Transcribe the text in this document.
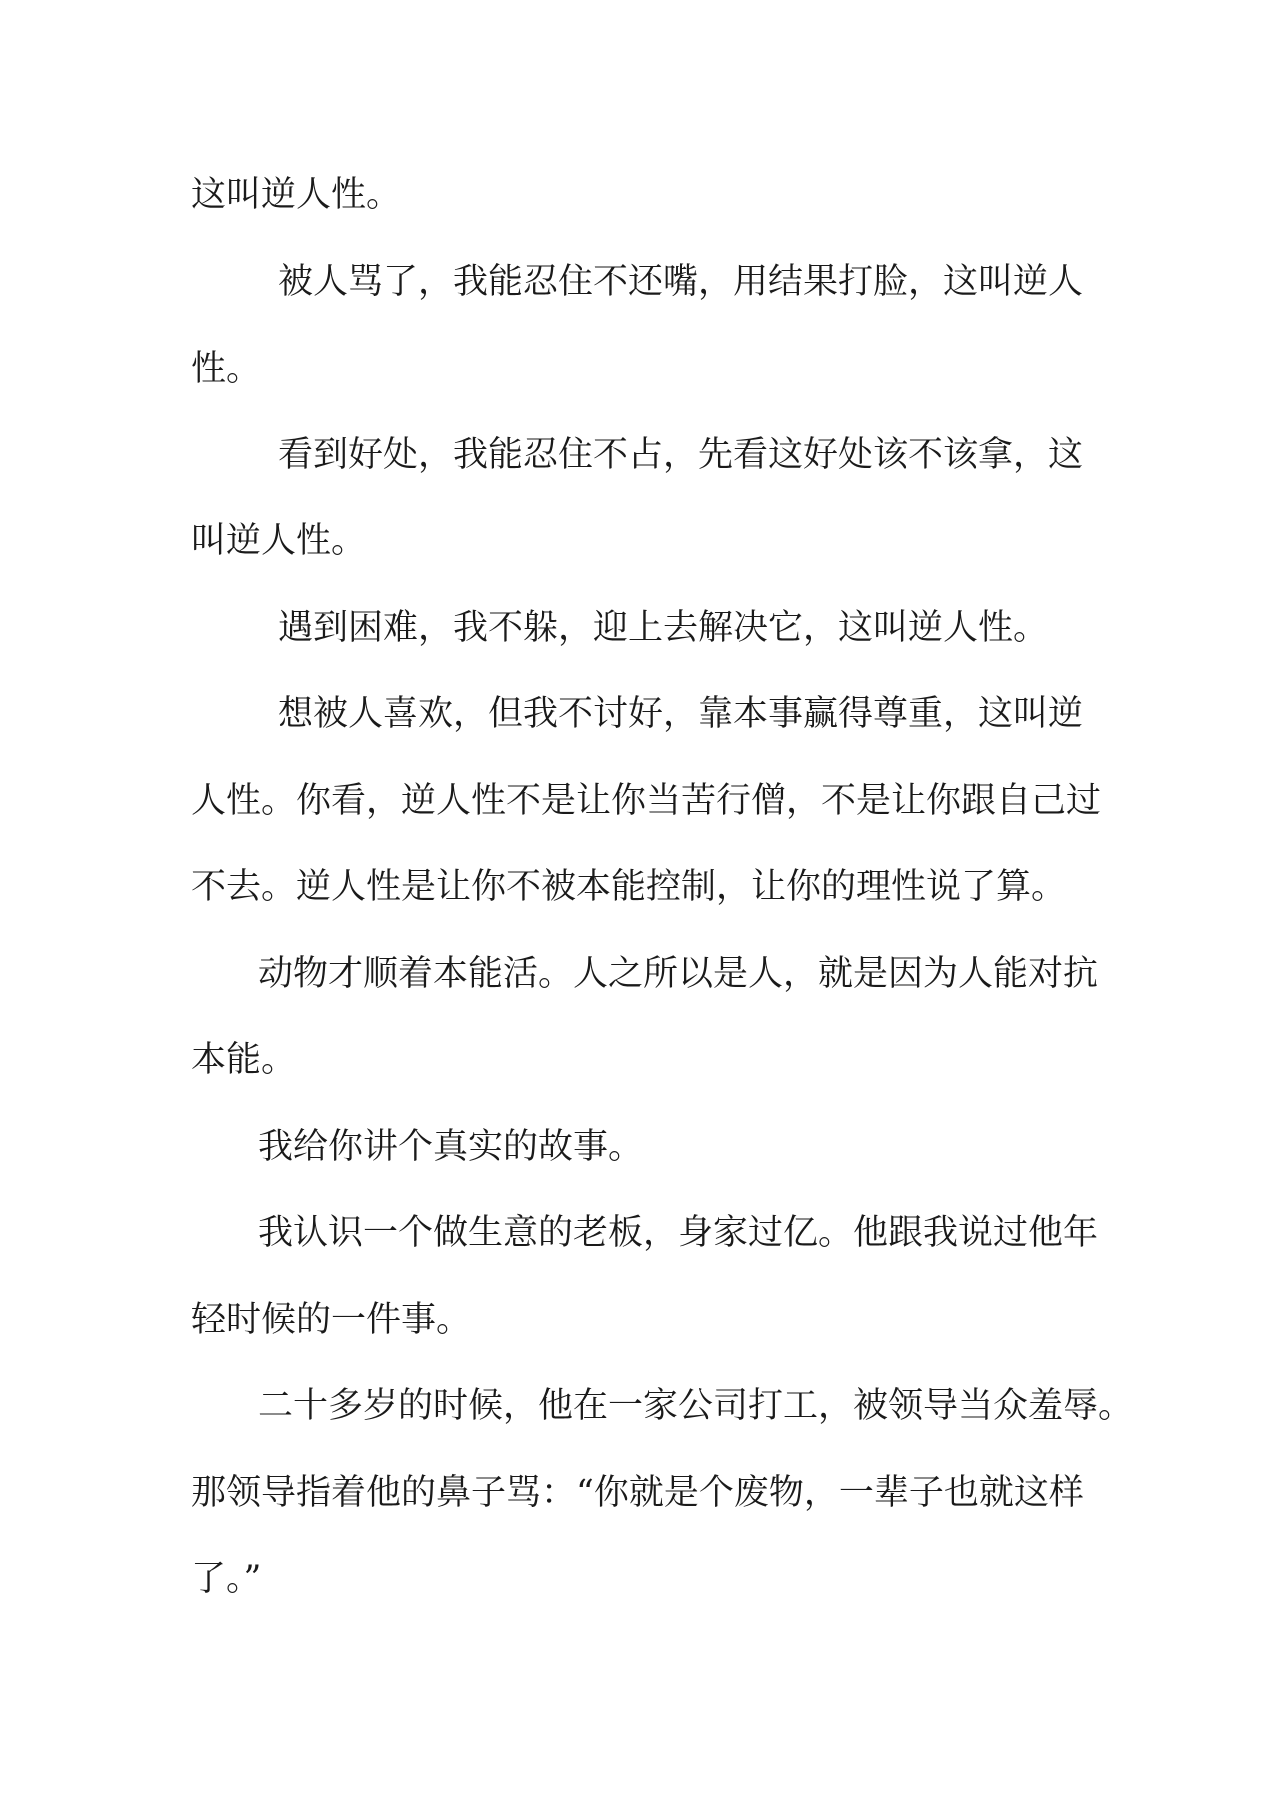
这叫逆人性。
被人骂了，我能忍住不还嘴，用结果打脸，这叫逆人
性。
看到好处，我能忍住不占，先看这好处该不该拿，这
叫逆人性。
遇到困难，我不躲，迎上去解决它，这叫逆人性。
想被人喜欢，但我不讨好，靠本事赢得尊重，这叫逆
人性。你看，逆人性不是让你当苦行僧，不是让你跟自己过
不去。逆人性是让你不被本能控制，让你的理性说了算。
动物才顺着本能活。人之所以是人，就是因为人能对抗
本能。
我给你讲个真实的故事。
我认识一个做生意的老板，身家过亿。他跟我说过他年
轻时候的一件事。
二十多岁的时候，他在一家公司打工，被领导当众羞辱。
那领导指着他的鼻子骂：“你就是个废物，一辈子也就这样
了。”
